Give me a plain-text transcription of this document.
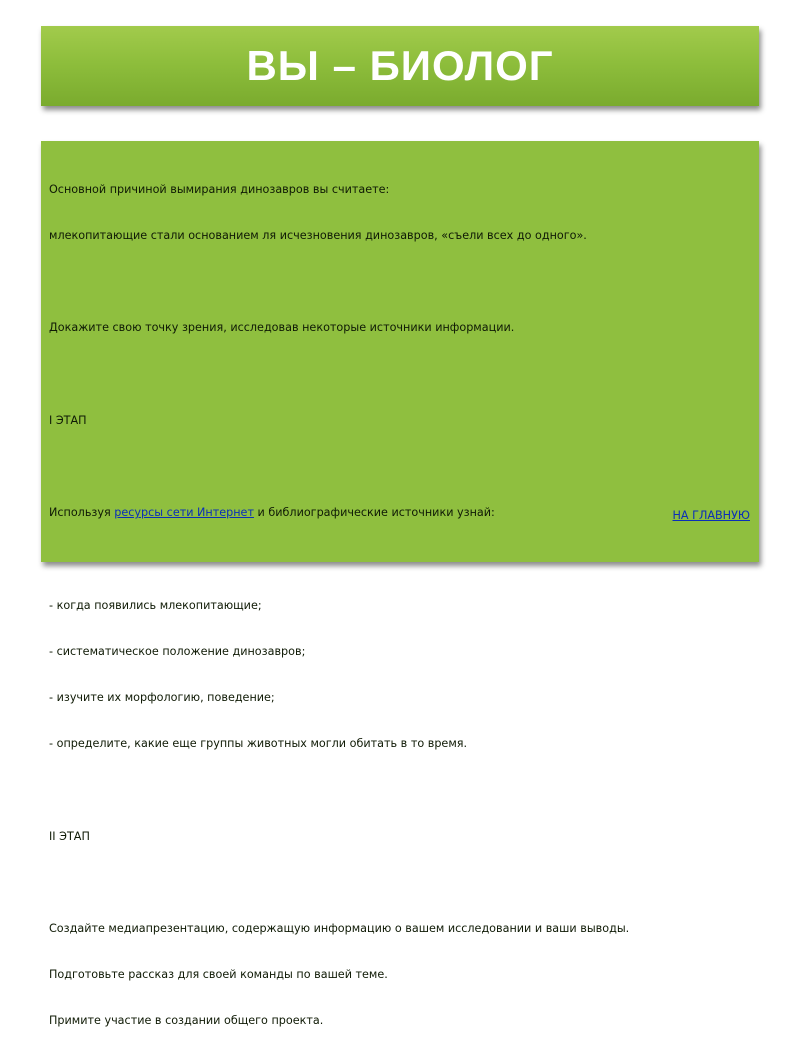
ВЫ – БИОЛОГ

Основной причиной вымирания динозавров вы считаете:

млекопитающие стали основанием ля исчезновения динозавров, «съели всех до одного».

Докажите свою точку зрения, исследовав некоторые источники информации.

I ЭТАП

Используя ресурсы сети Интернет и библиографические источники узнай:

- когда появились млекопитающие;

- систематическое положение динозавров;

- изучите их морфологию, поведение;

- определите, какие еще группы животных могли обитать в то время.

II ЭТАП

Создайте медиапрезентацию, содержащую информацию о вашем исследовании и ваши выводы.

Подготовьте рассказ для своей команды по вашей теме.

Примите участие в создании общего проекта.

НА ГЛАВНУЮ
